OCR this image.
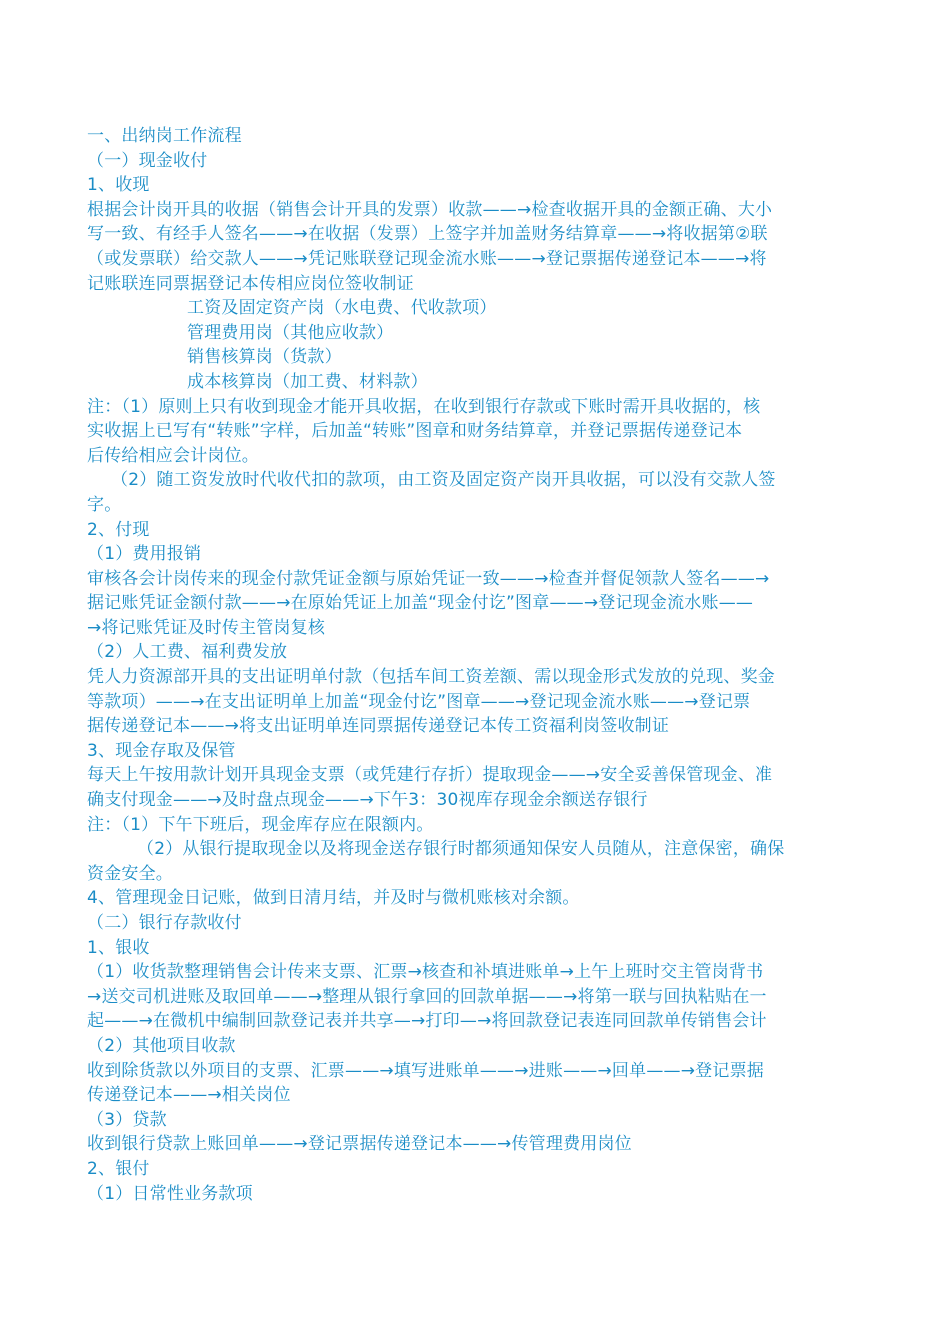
一、出纳岗工作流程
（一）现金收付
1、收现
根据会计岗开具的收据（销售会计开具的发票）收款——→检查收据开具的金额正确、大小
写一致、有经手人签名——→在收据（发票）上签字并加盖财务结算章——→将收据第②联
（或发票联）给交款人——→凭记账联登记现金流水账——→登记票据传递登记本——→将
记账联连同票据登记本传相应岗位签收制证
工资及固定资产岗（水电费、代收款项）
管理费用岗（其他应收款）
销售核算岗（货款）
成本核算岗（加工费、材料款）
注：（1）原则上只有收到现金才能开具收据，在收到银行存款或下账时需开具收据的，核
实收据上已写有“转账”字样，后加盖“转账”图章和财务结算章，并登记票据传递登记本
后传给相应会计岗位。
（2）随工资发放时代收代扣的款项，由工资及固定资产岗开具收据，可以没有交款人签
字。
2、付现
（1）费用报销
审核各会计岗传来的现金付款凭证金额与原始凭证一致——→检查并督促领款人签名——→
据记账凭证金额付款——→在原始凭证上加盖“现金付讫”图章——→登记现金流水账——
→将记账凭证及时传主管岗复核
（2）人工费、福利费发放
凭人力资源部开具的支出证明单付款（包括车间工资差额、需以现金形式发放的兑现、奖金
等款项）——→在支出证明单上加盖“现金付讫”图章——→登记现金流水账——→登记票
据传递登记本——→将支出证明单连同票据传递登记本传工资福利岗签收制证
3、现金存取及保管
每天上午按用款计划开具现金支票（或凭建行存折）提取现金——→安全妥善保管现金、准
确支付现金——→及时盘点现金——→下午3：30视库存现金余额送存银行
注：（1）下午下班后，现金库存应在限额内。
（2）从银行提取现金以及将现金送存银行时都须通知保安人员随从，注意保密，确保
资金安全。
4、管理现金日记账，做到日清月结，并及时与微机账核对余额。
（二）银行存款收付
1、银收
（1）收货款整理销售会计传来支票、汇票→核查和补填进账单→上午上班时交主管岗背书
→送交司机进账及取回单——→整理从银行拿回的回款单据——→将第一联与回执粘贴在一
起——→在微机中编制回款登记表并共享—→打印—→将回款登记表连同回款单传销售会计
（2）其他项目收款
收到除货款以外项目的支票、汇票——→填写进账单——→进账——→回单——→登记票据
传递登记本——→相关岗位
（3）贷款
收到银行贷款上账回单——→登记票据传递登记本——→传管理费用岗位
2、银付
（1）日常性业务款项
